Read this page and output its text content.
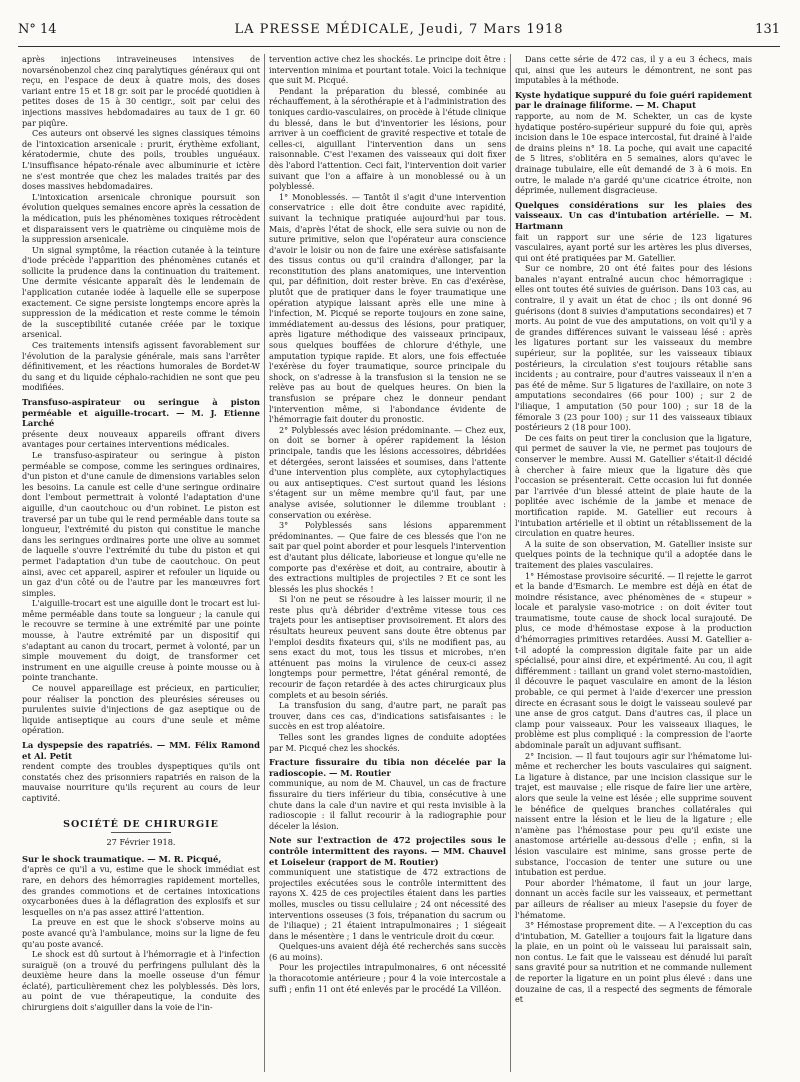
N° 14	LA PRESSE MÉDICALE, Jeudi, 7 Mars 1918	131

après injections intraveineuses intensives de novarsénobenzol chez cinq paralytiques généraux qui ont reçu, en l'espace de deux à quatre mois, des doses variant entre 15 et 18 gr. soit par le procédé quotidien à petites doses de 15 à 30 centigr., soit par celui des injections massives hebdomadaires au taux de 1 gr. 60 par piqûre.

Ces auteurs ont observé les signes classiques témoins de l'intoxication arsenicale : prurit, érythème exfoliant, kératodermie, chute des poils, troubles unguéaux. L'insuffisance hépato-rénale avec albuminurie et ictère ne s'est montrée que chez les malades traités par des doses massives hebdomadaires.

L'intoxication arsenicale chronique poursuit son évolution quelques semaines encore après la cessation de la médication, puis les phénomènes toxiques rétrocèdent et disparaissent vers le quatrième ou cinquième mois de la suppression arsenicale.

Un signal symptôme, la réaction cutanée à la teinture d'iode précède l'apparition des phénomènes cutanés et sollicite la prudence dans la continuation du traitement. Une dermite vésicante apparaît dès le lendemain de l'application cutanée iodée à laquelle elle se superpose exactement. Ce signe persiste longtemps encore après la suppression de la médication et reste comme le témoin de la susceptibilité cutanée créée par le toxique arsenical.

Ces traitements intensifs agissent favorablement sur l'évolution de la paralysie générale, mais sans l'arrêter définitivement, et les réactions humorales de Bordet-W du sang et du liquide céphalo-rachidien ne sont que peu modifiées.

Transfuso-aspirateur ou seringue à piston perméable et aiguille-trocart. — M. J. Etienne Larché

présente deux nouveaux appareils offrant divers avantages pour certaines interventions médicales.

Le transfuso-aspirateur ou seringue à piston perméable se compose, comme les seringues ordinaires, d'un piston et d'une canule de dimensions variables selon les besoins. La canule est celle d'une seringue ordinaire dont l'embout permettrait à volonté l'adaptation d'une aiguille, d'un caoutchouc ou d'un robinet. Le piston est traversé par un tube qui le rend perméable dans toute sa longueur, l'extrémité du piston qui constitue le manche dans les seringues ordinaires porte une olive au sommet de laquelle s'ouvre l'extrémité du tube du piston et qui permet l'adaptation d'un tube de caoutchouc. On peut ainsi, avec cet appareil, aspirer et refouler un liquide ou un gaz d'un côté ou de l'autre par les manœuvres fort simples.

L'aiguille-trocart est une aiguille dont le trocart est lui-même perméable dans toute sa longueur ; la canule qui le recouvre se termine à une extrémité par une pointe mousse, à l'autre extrémité par un dispositif qui s'adaptant au canon du trocart, permet à volonté, par un simple mouvement du doigt, de transformer cet instrument en une aiguille creuse à pointe mousse ou à pointe tranchante.

Ce nouvel appareillage est précieux, en particulier, pour réaliser la ponction des pleurésies séreuses ou purulentes suivie d'injections de gaz aseptique ou de liquide antiseptique au cours d'une seule et même opération.

La dyspepsie des rapatriés. — MM. Félix Ramond et Al. Petit

rendent compte des troubles dyspeptiques qu'ils ont constatés chez des prisonniers rapatriés en raison de la mauvaise nourriture qu'ils reçurent au cours de leur captivité.

SOCIÉTÉ DE CHIRURGIE
27 Février 1918.
Sur le shock traumatique. — M. R. Picqué,

d'après ce qu'il a vu, estime que le shock immédiat est rare, en dehors des hémorragies rapidement mortelles, des grandes commotions et de certaines intoxications oxycarbonées dues à la déflagration des explosifs et sur lesquelles on n'a pas assez attiré l'attention.

La preuve en est que le shock s'observe moins au poste avancé qu'à l'ambulance, moins sur la ligne de feu qu'au poste avancé.

Le shock est dû surtout à l'hémorragie et à l'infection suraiguë (on a trouvé du perfringens pullulant dès la deuxième heure dans la moelle osseuse d'un fémur éclaté), particulièrement chez les polyblessés. Dès lors, au point de vue thérapeutique, la conduite des chirurgiens doit s'aiguiller dans la voie de l'in-

tervention active chez les shockés. Le principe doit être : intervention minima et pourtant totale. Voici la technique que suit M. Picqué.

Pendant la préparation du blessé, combinée au réchauffement, à la sérothérapie et à l'administration des toniques cardio-vasculaires, on procède à l'étude clinique du blessé, dans le but d'inventorier les lésions, pour arriver à un coefficient de gravité respective et totale de celles-ci, aiguillant l'intervention dans un sens raisonnable. C'est l'examen des vaisseaux qui doit fixer dès l'abord l'attention. Ceci fait, l'intervention doit varier suivant que l'on a affaire à un monoblessé ou à un polyblessé.

1° Monoblessés. — Tantôt il s'agit d'une intervention conservatrice : elle doit être conduite avec rapidité, suivant la technique pratiquée aujourd'hui par tous. Mais, d'après l'état de shock, elle sera suivie ou non de suture primitive, selon que l'opérateur aura conscience d'avoir le loisir ou non de faire une exérèse satisfaisante des tissus contus ou qu'il craindra d'allonger, par la reconstitution des plans anatomiques, une intervention qui, par définition, doit rester brève. En cas d'exérèse, plutôt que de pratiquer dans le foyer traumatique une opération atypique laissant après elle une mine à l'infection, M. Picqué se reporte toujours en zone saine, immédiatement au-dessus des lésions, pour pratiquer, après ligature méthodique des vaisseaux principaux, sous quelques bouffées de chlorure d'éthyle, une amputation typique rapide. Et alors, une fois effectuée l'exérèse du foyer traumatique, source principale du shock, on s'adresse à la transfusion si la tension ne se relève pas au bout de quelques heures. On bien la transfusion se prépare chez le donneur pendant l'intervention même, si l'abondance évidente de l'hémorragie fait douter du pronostic.

2° Polyblessés avec lésion prédominante. — Chez eux, on doit se borner à opérer rapidement la lésion principale, tandis que les lésions accessoires, débridées et détergées, seront laissées et soumises, dans l'attente d'une intervention plus complète, aux cytophylactiques ou aux antiseptiques. C'est surtout quand les lésions s'étagent sur un même membre qu'il faut, par une analyse avisée, solutionner le dilemme troublant : conservation ou exérèse.

3° Polyblessés sans lésions apparemment prédominantes. — Que faire de ces blessés que l'on ne sait par quel point aborder et pour lesquels l'intervention est d'autant plus délicate, laborieuse et longue qu'elle ne comporte pas d'exérèse et doit, au contraire, aboutir à des extractions multiples de projectiles ? Et ce sont les blessés les plus shockés !

Si l'on ne peut se résoudre à les laisser mourir, il ne reste plus qu'à débrider d'extrême vitesse tous ces trajets pour les antiseptiser provisoirement. Et alors des résultats heureux peuvent sans doute être obtenus par l'emploi desdits fixateurs qui, s'ils ne modifient pas, au sens exact du mot, tous les tissus et microbes, n'en atténuent pas moins la virulence de ceux-ci assez longtemps pour permettre, l'état général remonté, de recourir de façon retardée à des actes chirurgicaux plus complets et au besoin sériés.

La transfusion du sang, d'autre part, ne paraît pas trouver, dans ces cas, d'indications satisfaisantes : le succès en est trop aléatoire.

Telles sont les grandes lignes de conduite adoptées par M. Picqué chez les shockés.

Fracture fissuraire du tibia non décelée par la radioscopie. — M. Routier

communique, au nom de M. Chauvel, un cas de fracture fissuraire du tiers inférieur du tibia, consécutive à une chute dans la cale d'un navire et qui resta invisible à la radioscopie : il fallut recourir à la radiographie pour déceler la lésion.

Note sur l'extraction de 472 projectiles sous le contrôle intermittent des rayons. — MM. Chauvel et Loiseleur (rapport de M. Routier)

communiquent une statistique de 472 extractions de projectiles exécutées sous le contrôle intermittent des rayons X. 425 de ces projectiles étaient dans les parties molles, muscles ou tissu cellulaire ; 24 ont nécessité des interventions osseuses (3 fois, trépanation du sacrum ou de l'iliaque) ; 21 étaient intrapulmonaires ; 1 siégeait dans le mésentère ; 1 dans le ventricule droit du cœur.

Quelques-uns avaient déjà été recherchés sans succès (6 au moins).

Pour les projectiles intrapulmonaires, 6 ont nécessité la thoracotomie antérieure ; pour 4 la voie intercostale a suffi ; enfin 11 ont été enlevés par le procédé La Villéon.

Dans cette série de 472 cas, il y a eu 3 échecs, mais qui, ainsi que les auteurs le démontrent, ne sont pas imputables à la méthode.

Kyste hydatique suppuré du foie guéri rapidement par le drainage filiforme. — M. Chaput

rapporte, au nom de M. Schekter, un cas de kyste hydatique postéro-supérieur suppuré du foie qui, après incision dans le 10e espace intercostal, fut drainé à l'aide de drains pleins n° 18. La poche, qui avait une capacité de 5 litres, s'oblitéra en 5 semaines, alors qu'avec le drainage tubulaire, elle eût demandé de 3 à 6 mois. En outre, le malade n'a gardé qu'une cicatrice étroite, non déprimée, nullement disgracieuse.

Quelques considérations sur les plaies des vaisseaux. Un cas d'intubation artérielle. — M. Hartmann

fait un rapport sur une série de 123 ligatures vasculaires, ayant porté sur les artères les plus diverses, qui ont été pratiquées par M. Gatellier.

Sur ce nombre, 20 ont été faites pour des lésions banales n'ayant entraîné aucun choc hémorragique : elles ont toutes été suivies de guérison. Dans 103 cas, au contraire, il y avait un état de choc ; ils ont donné 96 guérisons (dont 8 suivies d'amputations secondaires) et 7 morts. Au point de vue des amputations, on voit qu'il y a de grandes différences suivant le vaisseau lésé : après les ligatures portant sur les vaisseaux du membre supérieur, sur la poplitée, sur les vaisseaux tibiaux postérieurs, la circulation s'est toujours rétablie sans incidents ; au contraire, pour d'autres vaisseaux il n'en a pas été de même. Sur 5 ligatures de l'axillaire, on note 3 amputations secondaires (66 pour 100) ; sur 2 de l'iliaque, 1 amputation (50 pour 100) ; sur 18 de la fémorale 3 (23 pour 100) ; sur 11 des vaisseaux tibiaux postérieurs 2 (18 pour 100).

De ces faits on peut tirer la conclusion que la ligature, qui permet de sauver la vie, ne permet pas toujours de conserver le membre. Aussi M. Gatellier s'était-il décidé à chercher à faire mieux que la ligature dès que l'occasion se présenterait. Cette occasion lui fut donnée par l'arrivée d'un blessé atteint de plaie haute de la poplitée avec ischémie de la jambe et menace de mortification rapide. M. Gatellier eut recours à l'intubation artérielle et il obtint un rétablissement de la circulation en quatre heures.

A la suite de son observation, M. Gatellier insiste sur quelques points de la technique qu'il a adoptée dans le traitement des plaies vasculaires.

1° Hémostase provisoire sécurité. — Il rejette le garrot et la bande d'Esmarch. Le membre est déjà en état de moindre résistance, avec phénomènes de « stupeur » locale et paralysie vaso-motrice : on doit éviter tout traumatisme, toute cause de shock local surajouté. De plus, ce mode d'hémostase expose à la production d'hémorragies primitives retardées. Aussi M. Gatellier a-t-il adopté la compression digitale faite par un aide spécialisé, pour ainsi dire, et expérimenté. Au cou, il agit différemment : taillant un grand volet sterno-mastoïdien, il découvre le paquet vasculaire en amont de la lésion probable, ce qui permet à l'aide d'exercer une pression directe en écrasant sous le doigt le vaisseau soulevé par une anse de gros catgut. Dans d'autres cas, il place un clamp pour vaisseaux. Pour les vaisseaux iliaques, le problème est plus compliqué : la compression de l'aorte abdominale paraît un adjuvant suffisant.

2° Incision. — Il faut toujours agir sur l'hématome lui-même et rechercher les bouts vasculaires qui saignent. La ligature à distance, par une incision classique sur le trajet, est mauvaise ; elle risque de faire lier une artère, alors que seule la veine est lésée ; elle supprime souvent le bénéfice de quelques branches collatérales qui naissent entre la lésion et le lieu de la ligature ; elle n'amène pas l'hémostase pour peu qu'il existe une anastomose artérielle au-dessous d'elle ; enfin, si la lésion vasculaire est minime, sans grosse perte de substance, l'occasion de tenter une suture ou une intubation est perdue.

Pour aborder l'hématome, il faut un jour large, donnant un accès facile sur les vaisseaux, et permettant par ailleurs de réaliser au mieux l'asepsie du foyer de l'hématome.

3° Hémostase proprement dite. — A l'exception du cas d'intubation, M. Gatellier a toujours fait la ligature dans la plaie, en un point où le vaisseau lui paraissait sain, non contus. Le fait que le vaisseau est dénudé lui paraît sans gravité pour sa nutrition et ne commande nullement de reporter la ligature en un point plus élevé : dans une douzaine de cas, il a respecté des segments de fémorale et
